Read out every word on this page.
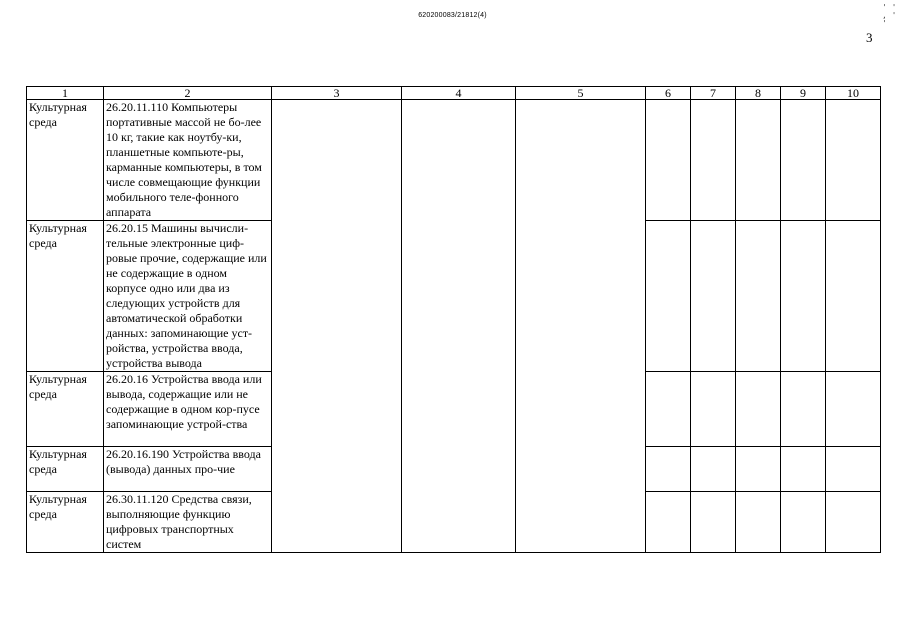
620200083/21812(4)
' ' , ' '
3
1	2	3	4	5	6	7	8	9	10
Культурная среда	26.20.11.110 Компьютеры портативные массой не бо-лее 10 кг, такие как ноутбу-ки, планшетные компьюте-ры, карманные компьютеры, в том числе совмещающие функции мобильного теле-фонного аппарата								
Культурная среда	26.20.15 Машины вычисли-тельные электронные циф-ровые прочие, содержащие или не содержащие в одном корпусе одно или два из следующих устройств для автоматической обработки данных: запоминающие уст-ройства, устройства ввода, устройства вывода								
Культурная среда	26.20.16 Устройства ввода или вывода, содержащие или не содержащие в одном кор-пусе запоминающие устрой-ства								
Культурная среда	26.20.16.190 Устройства ввода (вывода) данных про-чие								
Культурная среда	26.30.11.120 Средства связи, выполняющие функцию цифровых транспортных систем								
